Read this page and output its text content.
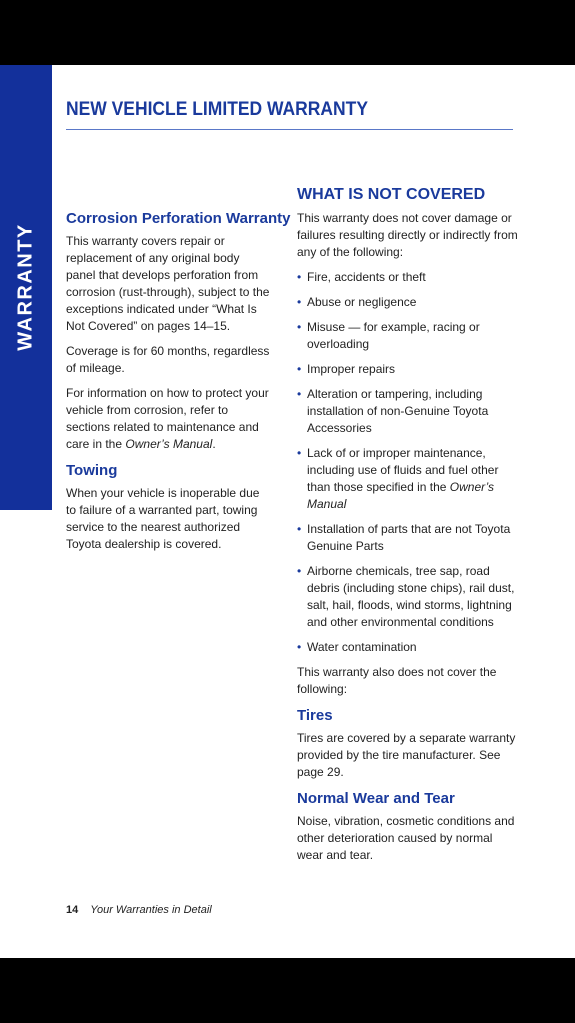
WARRANTY
NEW VEHICLE LIMITED WARRANTY
Corrosion Perforation Warranty

This warranty covers repair or replacement of any original body panel that develops perforation from corrosion (rust-through), subject to the exceptions indicated under “What Is Not Covered” on pages 14–15.

Coverage is for 60 months, regardless of mileage.

For information on how to protect your vehicle from corrosion, refer to sections related to maintenance and care in the Owner’s Manual.

Towing

When your vehicle is inoperable due to failure of a warranted part, towing service to the nearest authorized Toyota dealership is covered.

WHAT IS NOT COVERED

This warranty does not cover damage or failures resulting directly or indirectly from any of the following:

• Fire, accidents or theft
• Abuse or negligence
• Misuse — for example, racing or overloading
• Improper repairs
• Alteration or tampering, including installation of non-Genuine Toyota Accessories
• Lack of or improper maintenance, including use of fluids and fuel other than those specified in the Owner’s Manual
• Installation of parts that are not Toyota Genuine Parts
• Airborne chemicals, tree sap, road debris (including stone chips), rail dust, salt, hail, floods, wind storms, lightning and other environmental conditions
• Water contamination

This warranty also does not cover the following:

Tires

Tires are covered by a separate warranty provided by the tire manufacturer. See page 29.

Normal Wear and Tear

Noise, vibration, cosmetic conditions and other deterioration caused by normal wear and tear.

14 Your Warranties in Detail
